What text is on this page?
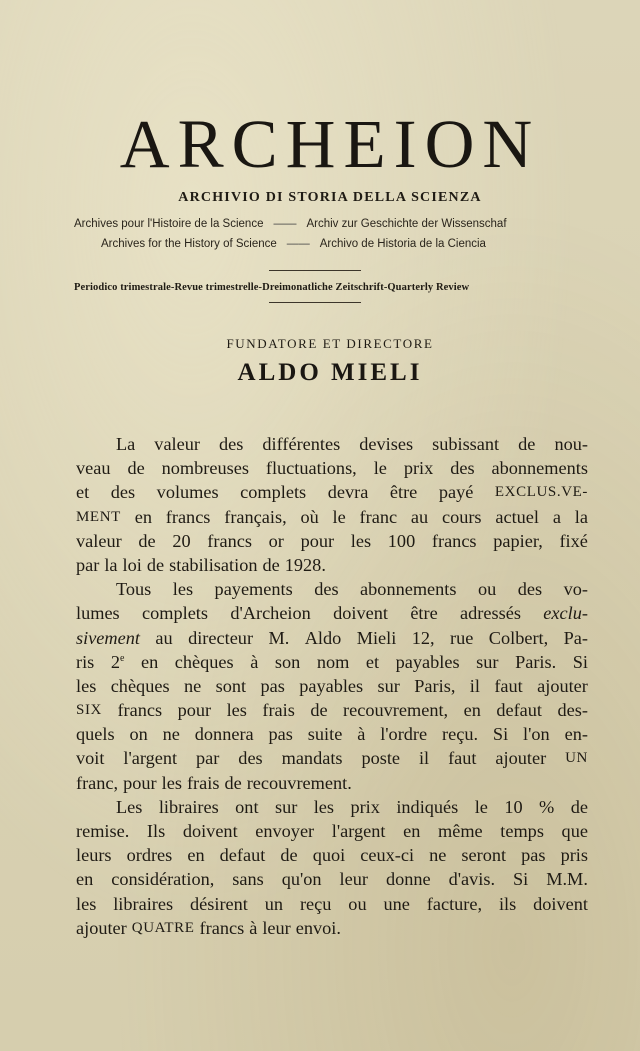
ARCHEION
ARCHIVIO DI STORIA DELLA SCIENZA
Archives pour l'Histoire de la Science —— Archiv zur Geschichte der Wissenschaf
Archives for the History of Science —— Archivo de Historia de la Ciencia
Periodico trimestrale-Revue trimestrelle-Dreimonatliche Zeitschrift-Quarterly Review
FUNDATORE ET DIRECTORE
ALDO MIELI
La valeur des différentes devises subissant de nou-
veau de nombreuses fluctuations, le prix des abonnements
et des volumes complets devra être payé EXCLUS.VE-
MENT en francs français, où le franc au cours actuel a la
valeur de 20 francs or pour les 100 francs papier, fixé
par la loi de stabilisation de 1928.
Tous les payements des abonnements ou des vo-
lumes complets d'Archeion doivent être adressés exclu-
sivement au directeur M. Aldo Mieli 12, rue Colbert, Pa-
ris 2e en chèques à son nom et payables sur Paris. Si
les chèques ne sont pas payables sur Paris, il faut ajouter
SIX francs pour les frais de recouvrement, en defaut des-
quels on ne donnera pas suite à l'ordre reçu. Si l'on en-
voit l'argent par des mandats poste il faut ajouter UN
franc, pour les frais de recouvrement.
Les libraires ont sur les prix indiqués le 10 % de
remise. Ils doivent envoyer l'argent en même temps que
leurs ordres en defaut de quoi ceux-ci ne seront pas pris
en considération, sans qu'on leur donne d'avis. Si M.M.
les libraires désirent un reçu ou une facture, ils doivent
ajouter QUATRE francs à leur envoi.
